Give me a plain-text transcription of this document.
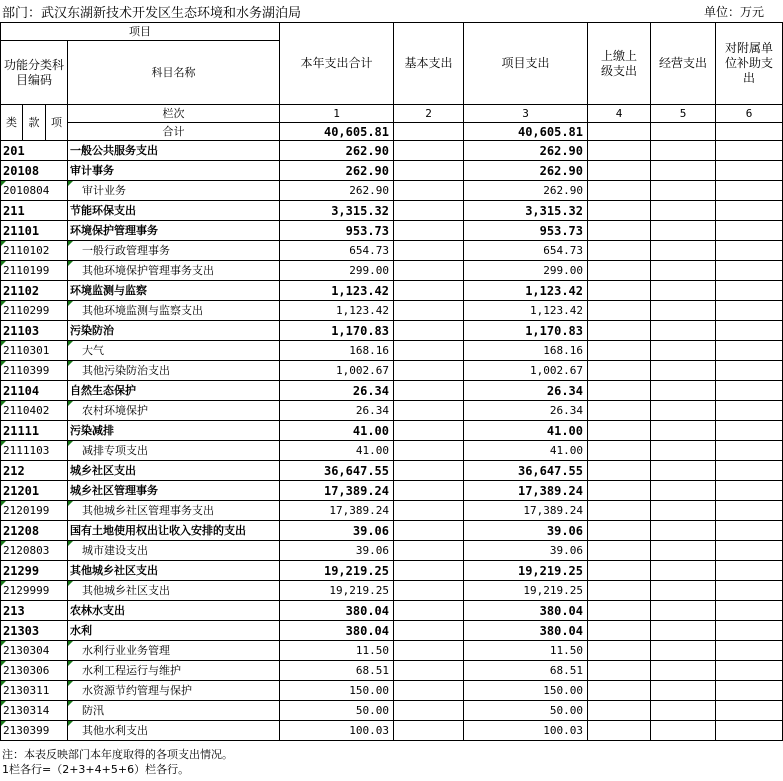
部门：武汉东湖新技术开发区生态环境和水务湖泊局	单位：万元
项目				本年支出合计	基本支出	项目支出	上缴上级支出	经营支出	对附属单位补助支出
功能分类科目编码			科目名称						

类	款	项	栏次	1	2	3	4	5	6
			合计	40,605.81		40,605.81			
201			一般公共服务支出	262.90		262.90			
20108			审计事务	262.90		262.90			

2010804			审计业务	262.90		262.90			
211			节能环保支出	3,315.32		3,315.32			
21101			环境保护管理事务	953.73		953.73			

2110102			一般行政管理事务	654.73		654.73			

2110199			其他环境保护管理事务支出	299.00		299.00			
21102			环境监测与监察	1,123.42		1,123.42			

2110299			其他环境监测与监察支出	1,123.42		1,123.42			
21103			污染防治	1,170.83		1,170.83			

2110301			大气	168.16		168.16			

2110399			其他污染防治支出	1,002.67		1,002.67			
21104			自然生态保护	26.34		26.34			

2110402			农村环境保护	26.34		26.34			
21111			污染减排	41.00		41.00			

2111103			减排专项支出	41.00		41.00			
212			城乡社区支出	36,647.55		36,647.55			
21201			城乡社区管理事务	17,389.24		17,389.24			

2120199			其他城乡社区管理事务支出	17,389.24		17,389.24			
21208			国有土地使用权出让收入安排的支出	39.06		39.06			

2120803			城市建设支出	39.06		39.06			
21299			其他城乡社区支出	19,219.25		19,219.25			

2129999			其他城乡社区支出	19,219.25		19,219.25			
213			农林水支出	380.04		380.04			
21303			水利	380.04		380.04			

2130304			水利行业业务管理	11.50		11.50			

2130306			水利工程运行与维护	68.51		68.51			

2130311			水资源节约管理与保护	150.00		150.00			

2130314			防汛	50.00		50.00			

2130399			其他水利支出	100.03		100.03			
注：本表反映部门本年度取得的各项支出情况。
1栏各行=（2+3+4+5+6）栏各行。
